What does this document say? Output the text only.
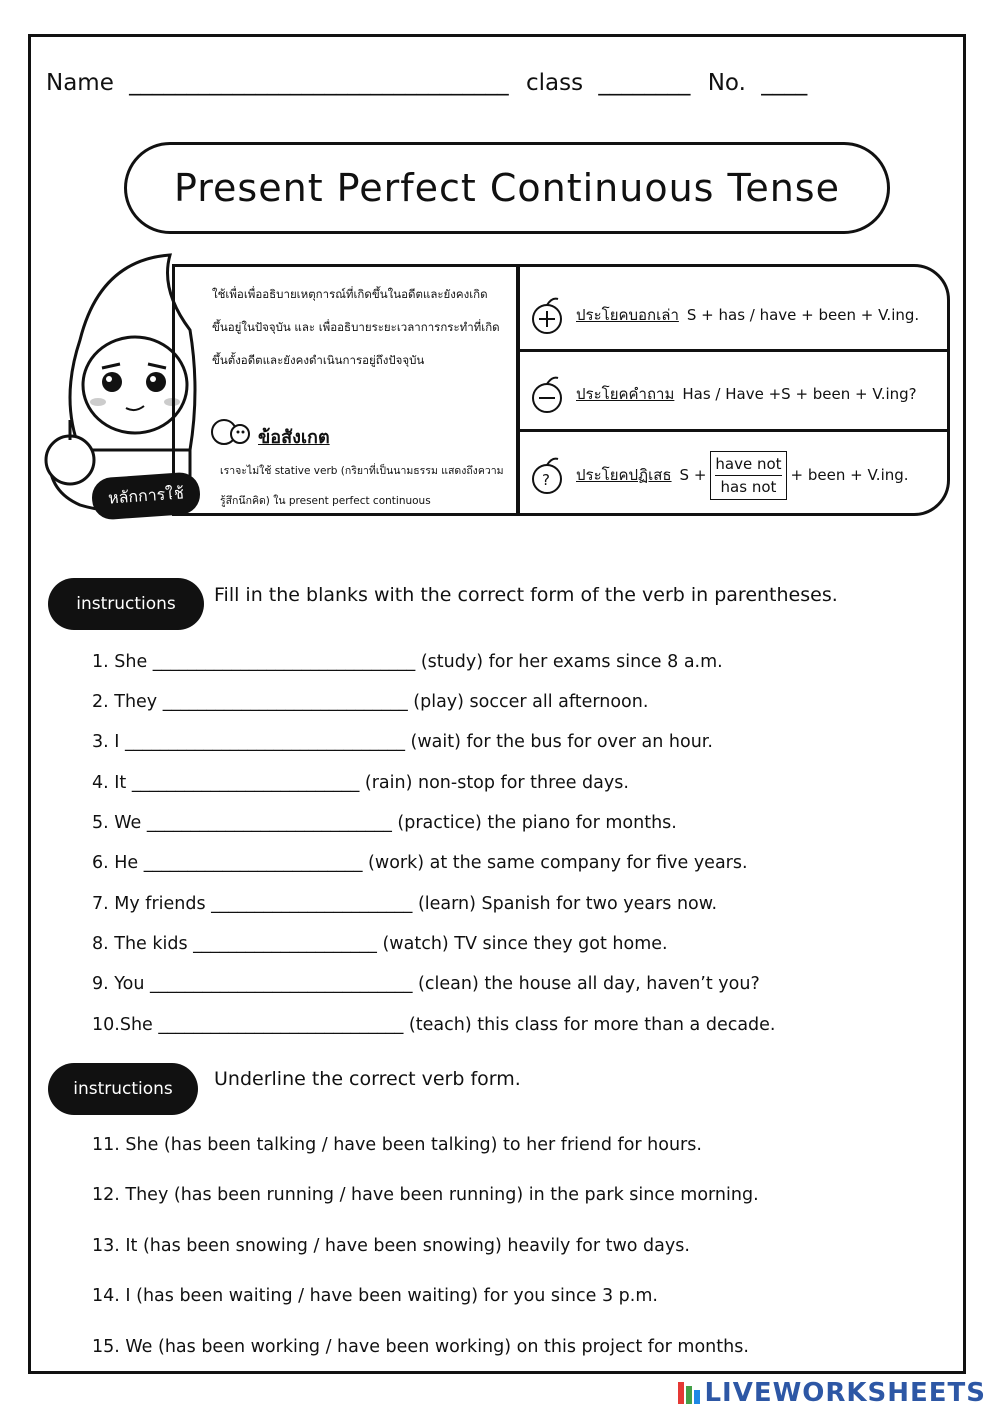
Name _________________________________ class ________ No. ____
Present Perfect Continuous Tense
หลักการใช้
ใช้เพื่อเพื่ออธิบายเหตุการณ์ที่เกิดขึ้นในอดีตและยังคงเกิดขึ้นอยู่ในปัจจุบัน และ เพื่ออธิบายระยะเวลาการกระทำที่เกิดขึ้นตั้งอดีตและยังคงดำเนินการอยู่ถึงปัจจุบัน
ข้อสังเกต
เราจะไม่ใช้ stative verb (กริยาที่เป็นนามธรรม แสดงถึงความรู้สึกนึกคิด) ใน present perfect continuous
ประโยคบอกเล่า S + has / have + been + V.ing.
ประโยคคำถาม Has / Have +S + been + V.ing?
? ประโยคปฏิเสธ S +
have not
has not
+ been + V.ing.
instructions	Fill in the blanks with the correct form of the verb in parentheses.
1. She ______________________________ (study) for her exams since 8 a.m.
2. They ____________________________ (play) soccer all afternoon.
3. I ________________________________ (wait) for the bus for over an hour.
4. It __________________________ (rain) non-stop for three days.
5. We ____________________________ (practice) the piano for months.
6. He _________________________ (work) at the same company for five years.
7. My friends _______________________ (learn) Spanish for two years now.
8. The kids _____________________ (watch) TV since they got home.
9. You ______________________________ (clean) the house all day, haven’t you?
10.She ____________________________ (teach) this class for more than a decade.
instructions	Underline the correct verb form.
11. She (has been talking / have been talking) to her friend for hours.
12. They (has been running / have been running) in the park since morning.
13. It (has been snowing / have been snowing) heavily for two days.
14. I (has been waiting / have been waiting) for you since 3 p.m.
15. We (has been working / have been working) on this project for months.
LIVEWORKSHEETS
